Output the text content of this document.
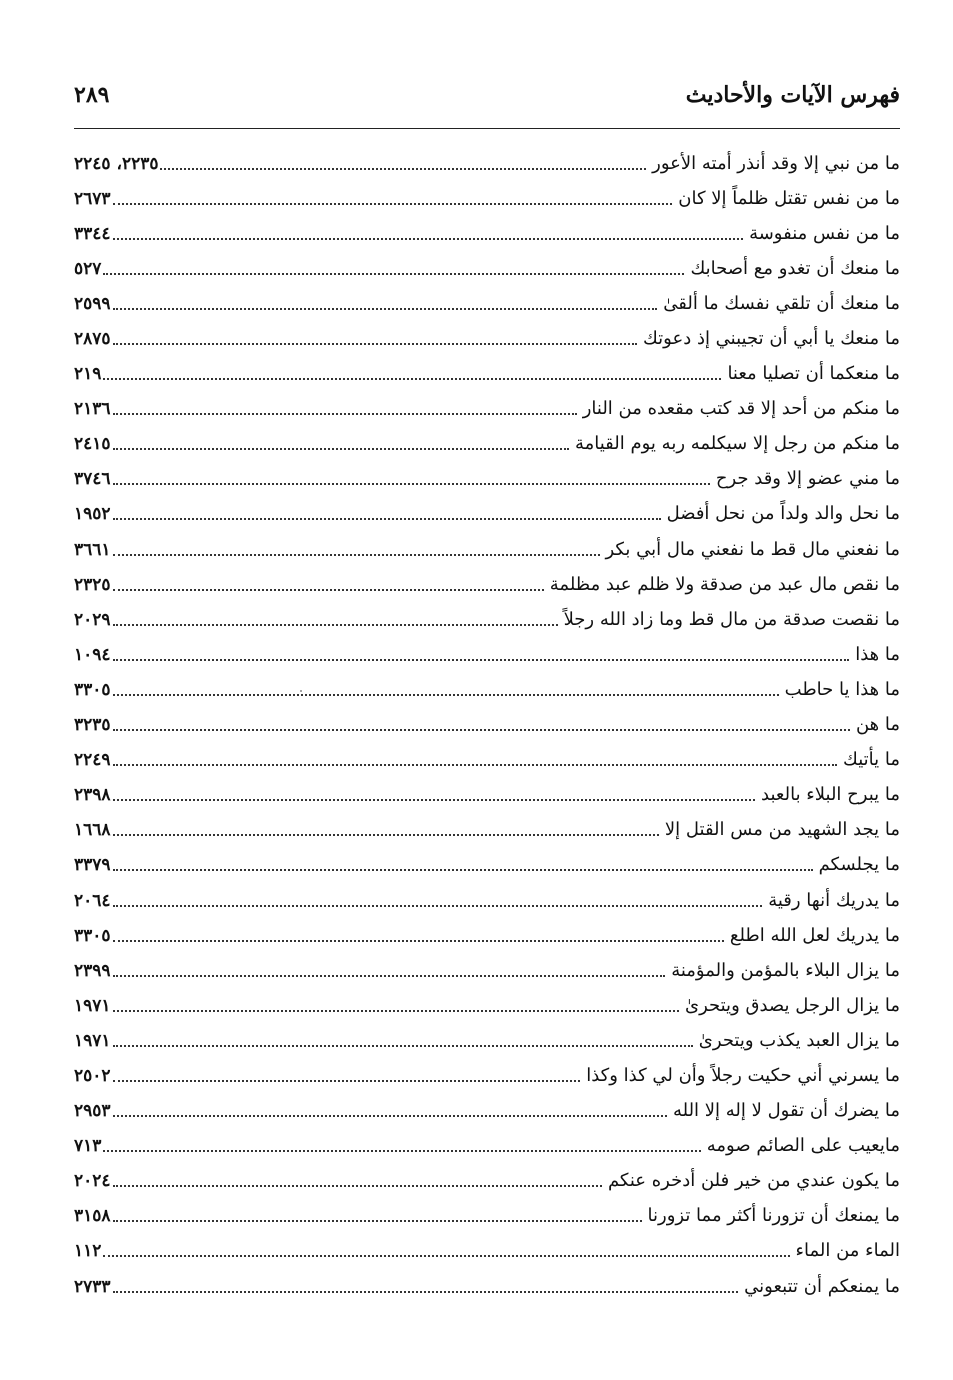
فهرس الآيات والأحاديث
٢٨٩
ما من نبي إلا وقد أنذر أمته الأعور
٢٢٣٥، ٢٢٤٥
ما من نفس تقتل ظلماً إلا كان
٢٦٧٣
ما من نفس منفوسة
٣٣٤٤
ما منعك أن تغدو مع أصحابك
٥٢٧
ما منعك أن تلقي نفسك ما ألقىٰ
٢٥٩٩
ما منعك يا أبي أن تجيبني إذ دعوتك
٢٨٧٥
ما منعكما أن تصليا معنا
٢١٩
ما منكم من أحد إلا قد كتب مقعده من النار
٢١٣٦
ما منكم من رجل إلا سيكلمه ربه يوم القيامة
٢٤١٥
ما مني عضو إلا وقد جرح
٣٧٤٦
ما نحل والد ولداً من نحل أفضل
١٩٥٢
ما نفعني مال قط ما نفعني مال أبي بكر
٣٦٦١
ما نقص مال عبد من صدقة ولا ظلم عبد مظلمة
٢٣٢٥
ما نقصت صدقة من مال قط وما زاد الله رجلاً
٢٠٢٩
ما هذا
١٠٩٤
ما هذا يا حاطب
٣٣٠٥
ما هن
٣٢٣٥
ما يأتيك
٢٢٤٩
ما يبرح البلاء بالعبد
٢٣٩٨
ما يجد الشهيد من مس القتل إلا
١٦٦٨
ما يجلسكم
٣٣٧٩
ما يدريك أنها رقية
٢٠٦٤
ما يدريك لعل الله اطلع
٣٣٠٥
ما يزال البلاء بالمؤمن والمؤمنة
٢٣٩٩
ما يزال الرجل يصدق ويتحرىٰ
١٩٧١
ما يزال العبد يكذب ويتحرىٰ
١٩٧١
ما يسرني أني حكيت رجلاً وأن لي كذا وكذا
٢٥٠٢
ما يضرك أن تقول لا إله إلا الله
٢٩٥٣
مايعيب على الصائم صومه
٧١٣
ما يكون عندي من خير فلن أدخره عنكم
٢٠٢٤
ما يمنعك أن تزورنا أكثر مما تزورنا
٣١٥٨
الماء من الماء
١١٢
ما يمنعكم أن تتبعوني
٢٧٣٣
